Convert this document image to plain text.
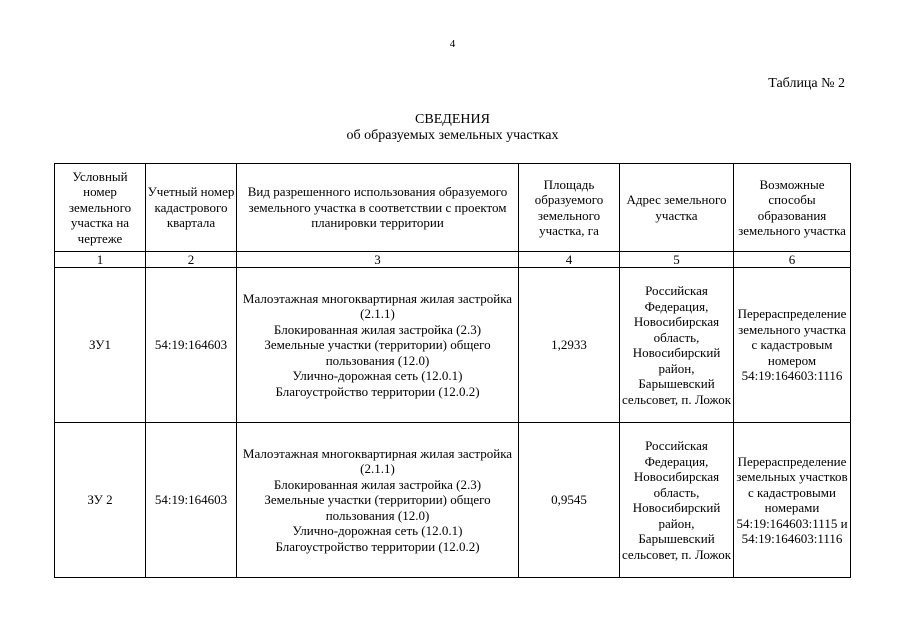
4
Таблица № 2
СВЕДЕНИЯ
об образуемых земельных участках
Условный номер земельного участка на чертеже	Учетный номер кадастрового квартала	Вид разрешенного использования образуемого земельного участка в соответствии с проектом планировки территории	Площадь образуемого земельного участка, га	Адрес земельного участка	Возможные способы образования земельного участка
1	2	3	4	5	6
ЗУ1	54:19:164603	Малоэтажная многоквартирная жилая застройка (2.1.1)
Блокированная жилая застройка (2.3)
Земельные участки (территории) общего пользования (12.0)
Улично-дорожная сеть (12.0.1)
Благоустройство территории (12.0.2)	1,2933	Российская Федерация, Новосибирская область, Новосибирский район, Барышевский сельсовет, п. Ложок	Перераспределение земельного участка с кадастровым номером 54:19:164603:1116
ЗУ 2	54:19:164603	Малоэтажная многоквартирная жилая застройка (2.1.1)
Блокированная жилая застройка (2.3)
Земельные участки (территории) общего пользования (12.0)
Улично-дорожная сеть (12.0.1)
Благоустройство территории (12.0.2)	0,9545	Российская Федерация, Новосибирская область, Новосибирский район, Барышевский сельсовет, п. Ложок	Перераспределение земельных участков с кадастровыми номерами 54:19:164603:1115 и 54:19:164603:1116
